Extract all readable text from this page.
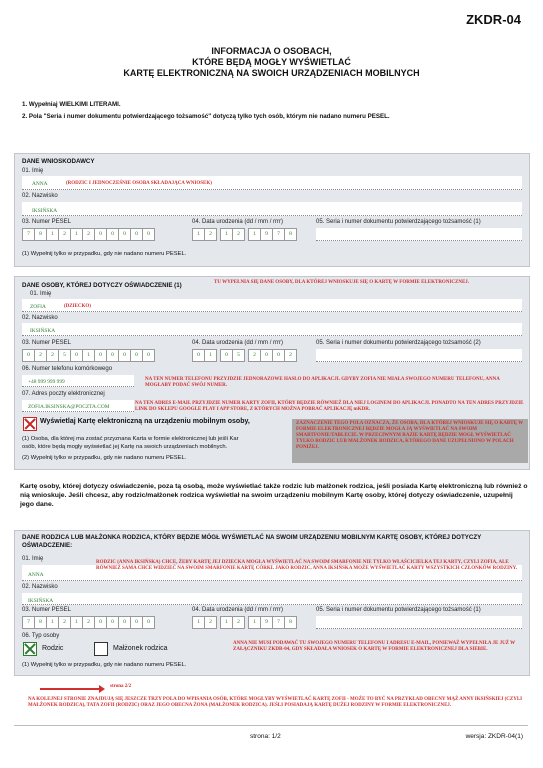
ZKDR-04
INFORMACJA O OSOBACH,
KTÓRE BĘDĄ MOGŁY WYŚWIETLAĆ
KARTĘ ELEKTRONICZNĄ NA SWOICH URZĄDZENIACH MOBILNYCH
1. Wypełniaj WIELKIMI LITERAMI.
2. Pola "Seria i numer dokumentu potwierdzającego tożsamość" dotyczą tylko tych osób, którym nie nadano numeru PESEL.
DANE WNIOSKODAWCY
01. Imię
ANNA	(RODZIC I JEDNOCZEŚNIE OSOBA SKŁADAJĄCA WNIOSEK)
02. Nazwisko
IKSIŃSKA
03. Numer PESEL
7	8	1	2	1	2	0	0	0	0	0
04. Data urodzenia (dd / mm / rrrr)
1	2	1	2	1	9	7	8
05. Seria i numer dokumentu potwierdzającego tożsamość (1)
(1) Wypełnij tylko w przypadku, gdy nie nadano numeru PESEL.
DANE OSOBY, KTÓREJ DOTYCZY OŚWIADCZENIE (1)	TU WYPEŁNIA SIĘ DANE OSOBY, DLA KTÓREJ WNIOSKUJE SIĘ O KARTĘ W FORMIE ELEKTRONICZNEJ.
01. Imię
ZOFIA	(DZIECKO)
02. Nazwisko
IKSIŃSKA
03. Numer PESEL
0	2	2	5	0	1	0	0	0	0	0
04. Data urodzenia (dd / mm / rrrr)
0	1	0	5	2	0	0	2
05. Seria i numer dokumentu potwierdzającego tożsamość (2)
06. Numer telefonu komórkowego
+48 999 999 999	NA TEN NUMER TELEFONU PRZYJDZIE JEDNORAZOWE HASŁO DO APLIKACJI. GDYBY ZOFIA NIE MIAŁA SWOJEGO NUMERU TELEFONU, ANNA MOGŁABY PODAĆ SWÓJ NUMER.
07. Adres poczty elektronicznej
ZOFIA.IKSINSKA@POCZTA.COM
NA TEN ADRES E-MAIL PRZYJDZIE NUMER KARTY ZOFII, KTÓRY BĘDZIE RÓWNIEŻ DLA NIEJ LOGINEM DO APLIKACJI. PONADTO NA TEN ADRES PRZYJDZIE LINK DO SKLEPU GOOGLE PLAY I APP STORE, Z KTÓRYCH MOŻNA POBRAĆ APLIKACJĘ mKDR.
Wyświetlaj Kartę elektroniczną na urządzeniu mobilnym osoby,	ZAZNACZENIE TEGO POLA OZNACZA, ŻE OSOBA, DLA KTÓREJ WNIOSKUJE SIĘ O KARTĘ W FORMIE ELEKTRONICZNEJ BĘDZIE MOGŁA JĄ WYŚWIETLAĆ NA SWOIM SMARTFONIE/TABLECIE. W PRZECIWNYM RAZIE KARTĘ BĘDZIE MOGŁ WYŚWIETLAĆ TYLKO RODZIC LUB MAŁŻONEK RODZICA, KTÓREGO DANE UZUPEŁNIONO W POLACH PONIŻEJ.
(1) Osoba, dla której ma zostać przyznana Karta w formie elektronicznej lub jeśli Kar
osób, które będą mogły wyświetlać jej Kartę na swoich urządzeniach mobilnych.
(2) Wypełnij tylko w przypadku, gdy nie nadano numeru PESEL.
Kartę osoby, której dotyczy oświadczenie, poza tą osobą, może wyświetlać także rodzic lub małżonek rodzica, jeśli posiada Kartę elektroniczną lub również o nią wnioskuje. Jeśli chcesz, aby rodzic/małżonek rodzica wyświetlał na swoim urządzeniu mobilnym Kartę osoby, której dotyczy oświadczenie, uzupełnij jego dane.
DANE RODZICA LUB MAŁŻONKA RODZICA, KTÓRY BĘDZIE MÓGŁ WYŚWIETLAĆ NA SWOIM URZĄDZENIU MOBILNYM KARTĘ OSOBY, KTÓREJ DOTYCZY OŚWIADCZENIE:
01. Imię
ANNA
RODZIC (ANNA IKSIŃSKA) CHCE, ŻEBY KARTĘ JEJ DZIECKA MOGŁA WYŚWIETLAĆ NA SWOIM SMARFONIE NIE TYLKO WŁAŚCICIELKA TEJ KARTY, CZYLI ZOFIA, ALE RÓWNIEŻ SAMA CHCE WIDZIEĆ NA SWOIM SMARFONIE KARTĘ CÓRKI. JAKO RODZIC, ANNA IKSIŃSKA MOŻE WYŚWIETLAĆ KARTY WSZYSTKICH CZŁONKÓW RODZINY.
02. Nazwisko
IKSIŃSKA
03. Numer PESEL
7	8	1	2	1	2	0	0	0	0	0
04. Data urodzenia (dd / mm / rrrr)
1	2	1	2	1	9	7	8
05. Seria i numer dokumentu potwierdzającego tożsamość (1)
06. Typ osoby
Rodzic	Małżonek rodzica
ANNA NIE MUSI PODAWAĆ TU SWOJEGO NUMERU TELEFONU I ADRESU E-MAIL, PONIEWAŻ WYPEŁNIŁA JE JUŻ W ZAŁĄCZNIKU ZKDR-04, GDY SKŁADAŁA WNIOSEK O KARTĘ W FORMIE ELEKTRONICZNEJ DLA SIEBIE.
(1) Wypełnij tylko w przypadku, gdy nie nadano numeru PESEL.
strona 2/2
NA KOLEJNEJ STRONIE ZNAJDUJĄ SIĘ JESZCZE TRZY POLA DO WPISANIA OSÓB, KTÓRE MOGŁYBY WYŚWIETLAĆ KARTĘ ZOFII - MOŻE TO BYĆ NA PRZYKŁAD OBECNY MĄŻ ANNY IKSIŃSKIEJ (CZYLI MAŁŻONEK RODZICA), TATA ZOFII (RODZIC) ORAZ JEGO OBECNA ŻONA (MAŁŻONEK RODZICA). JEŚLI POSIADAJĄ KARTĘ DUŻEJ RODZINY W FORMIE ELEKTRONICZNEJ.
strona: 1/2	wersja: ZKDR-04(1)
